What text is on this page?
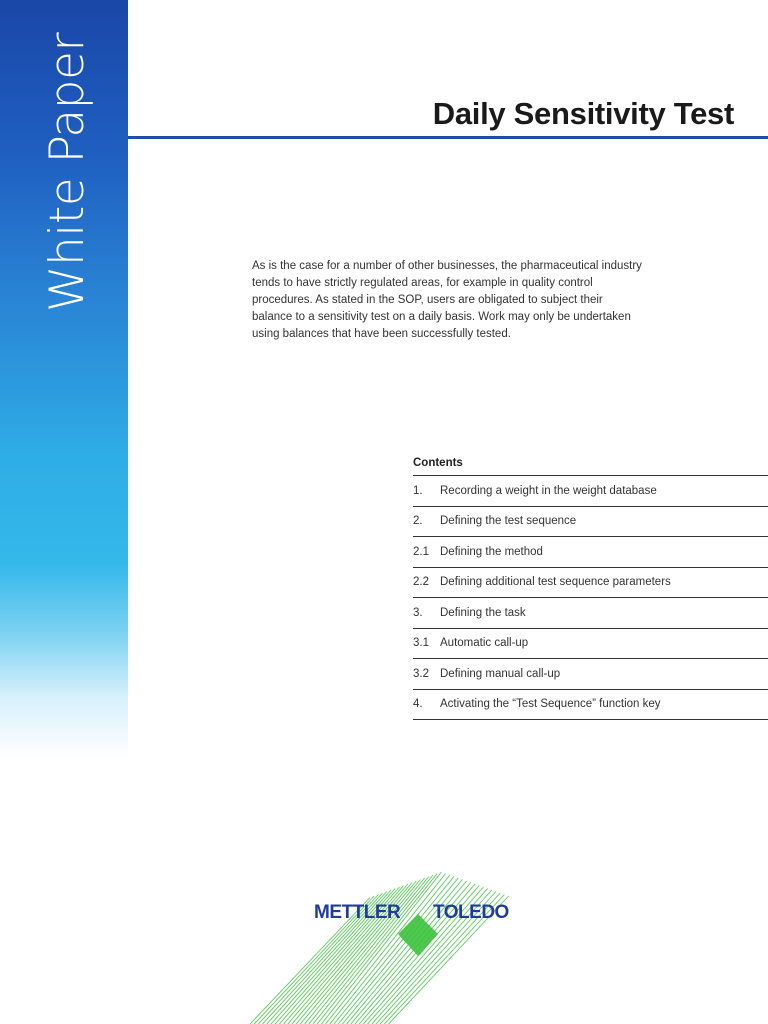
White Paper	Daily Sensitivity Test

As is the case for a number of other businesses, the pharmaceutical industry tends to have strictly regulated areas, for example in quality control procedures. As stated in the SOP, users are obligated to subject their balance to a sensitivity test on a daily basis. Work may only be undertaken using balances that have been successfully tested.

Contents
1.	Recording a weight in the weight database
2.	Defining the test sequence
2.1 Defining the method
2.2 Defining additional test sequence parameters
3.	Defining the task
3.1 Automatic call-up
3.2 Defining manual call-up
4.	Activating the “Test Sequence” function key
METTLER TOLEDO
